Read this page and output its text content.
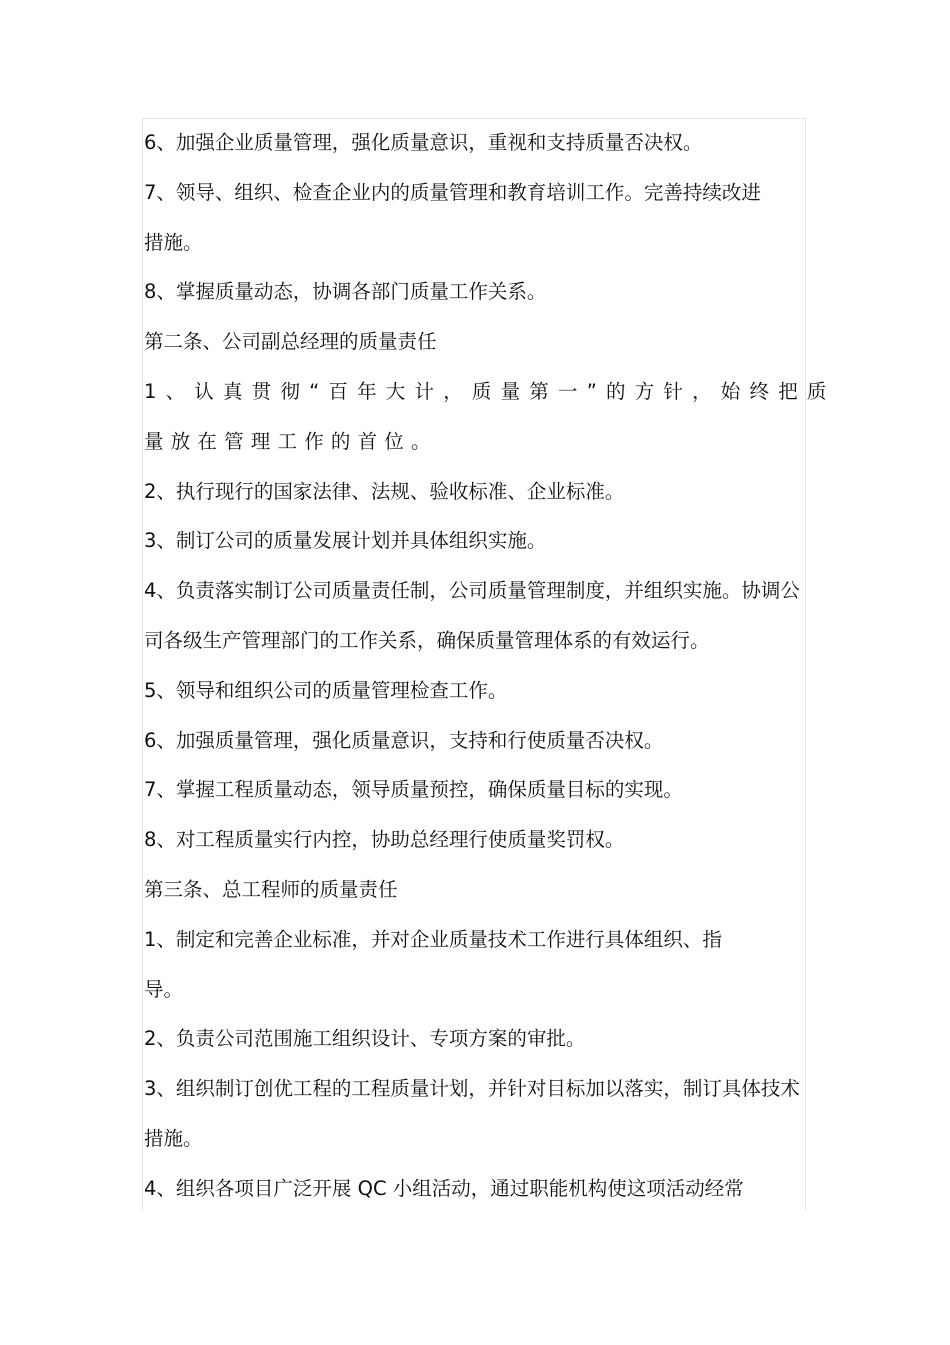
6、加强企业质量管理，强化质量意识，重视和支持质量否决权。
7、领导、组织、检查企业内的质量管理和教育培训工作。完善持续改进
措施。
8、掌握质量动态，协调各部门质量工作关系。
第二条、公司副总经理的质量责任
1、认真贯彻“百年大计，质量第一”的方针，始终把质
量放在管理工作的首位。
2、执行现行的国家法律、法规、验收标准、企业标准。
3、制订公司的质量发展计划并具体组织实施。
4、负责落实制订公司质量责任制，公司质量管理制度，并组织实施。协调公
司各级生产管理部门的工作关系，确保质量管理体系的有效运行。
5、领导和组织公司的质量管理检查工作。
6、加强质量管理，强化质量意识，支持和行使质量否决权。
7、掌握工程质量动态，领导质量预控，确保质量目标的实现。
8、对工程质量实行内控，协助总经理行使质量奖罚权。
第三条、总工程师的质量责任
1、制定和完善企业标准，并对企业质量技术工作进行具体组织、指
导。
2、负责公司范围施工组织设计、专项方案的审批。
3、组织制订创优工程的工程质量计划，并针对目标加以落实，制订具体技术
措施。
4、组织各项目广泛开展 QC 小组活动，通过职能机构使这项活动经常
